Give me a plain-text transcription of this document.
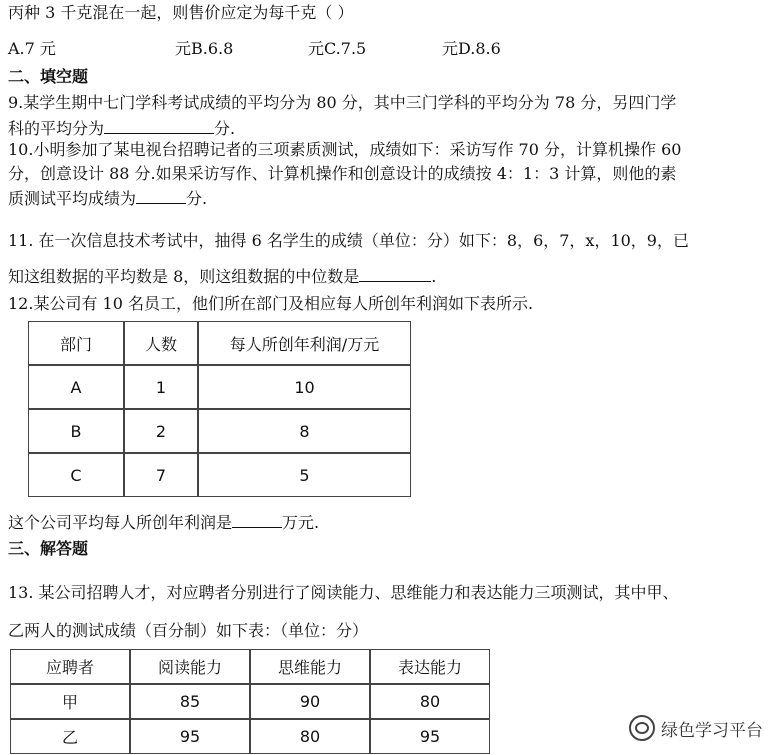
丙种 3 千克混在一起，则售价应定为每千克（ ）
A.7 元	元B.6.8	元C.7.5	元D.8.6
二、填空题
9.某学生期中七门学科考试成绩的平均分为 80 分，其中三门学科的平均分为 78 分，另四门学
科的平均分为	分.
10.小明参加了某电视台招聘记者的三项素质测试，成绩如下：采访写作 70 分，计算机操作 60
分，创意设计 88 分.如果采访写作、计算机操作和创意设计的成绩按 4：1：3 计算，则他的素
质测试平均成绩为	分.
11. 在一次信息技术考试中，抽得 6 名学生的成绩（单位：分）如下：8，6，7，x，10，9，已
知这组数据的平均数是 8，则这组数据的中位数是	.
12.某公司有 10 名员工，他们所在部门及相应每人所创年利润如下表所示.
部门	人数	每人所创年利润/万元
A	1	10
B	2	8
C	7	5
这个公司平均每人所创年利润是	万元.
三、解答题
13. 某公司招聘人才，对应聘者分别进行了阅读能力、思维能力和表达能力三项测试，其中甲、
乙两人的测试成绩（百分制）如下表：（单位：分）
应聘者	阅读能力	思维能力	表达能力
甲	85	90	80
乙	95	80	95	绿色学习平台
